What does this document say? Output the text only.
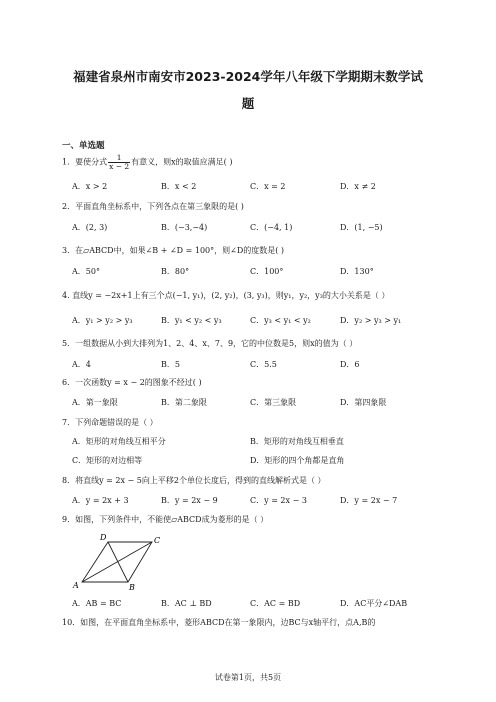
福建省泉州市南安市2023-2024学年八年级下学期期末数学试
题
一、单选题
1．要使分式 $\frac{1}{x - 2}$ 有意义，则x的取值应满足( )
A．x > 2	B．x < 2	C．x = 2	D．x ≠ 2
2．平面直角坐标系中，下列各点在第三象限的是( )
A．(2, 3)	B．(−3,−4)	C．(−4, 1)	D．(1, −5)
3．在▱ABCD中，如果∠B + ∠D = 100°，则∠D的度数是( )
A．50°	B．80°	C．100°	D．130°
4. 直线y = −2x+1上有三个点(−1, y₁)，(2, y₂)，(3, y₃)，则y₁，y₂，y₃的大小关系是（ ）
A．y₁ > y₂ > y₃	B．y₁ < y₂ < y₃	C．y₃ < y₁ < y₂	D．y₂ > y₃ > y₁
5．一组数据从小到大排列为1、2、4、x、7、9，它的中位数是5，则x的值为（ ）
A．4	B．5	C．5.5	D．6
6．一次函数y = x − 2的图象不经过( )
A．第一象限	B．第二象限	C．第三象限	D．第四象限
7．下列命题错误的是（ ）
A．矩形的对角线互相平分	B．矩形的对角线互相垂直
C．矩形的对边相等	D．矩形的四个角都是直角
8．将直线y = 2x − 5向上平移2个单位长度后，得到的直线解析式是（ ）
A．y = 2x + 3	B．y = 2x − 9	C．y = 2x − 3	D．y = 2x − 7
9．如图，下列条件中，不能使▱ABCD成为菱形的是（ ）
A	B
C
D
A．AB = BC	B．AC ⊥ BD	C．AC = BD	D．AC平分∠DAB
10．如图，在平面直角坐标系中，菱形ABCD在第一象限内，边BC与x轴平行，点A,B的
试卷第1页，共5页
